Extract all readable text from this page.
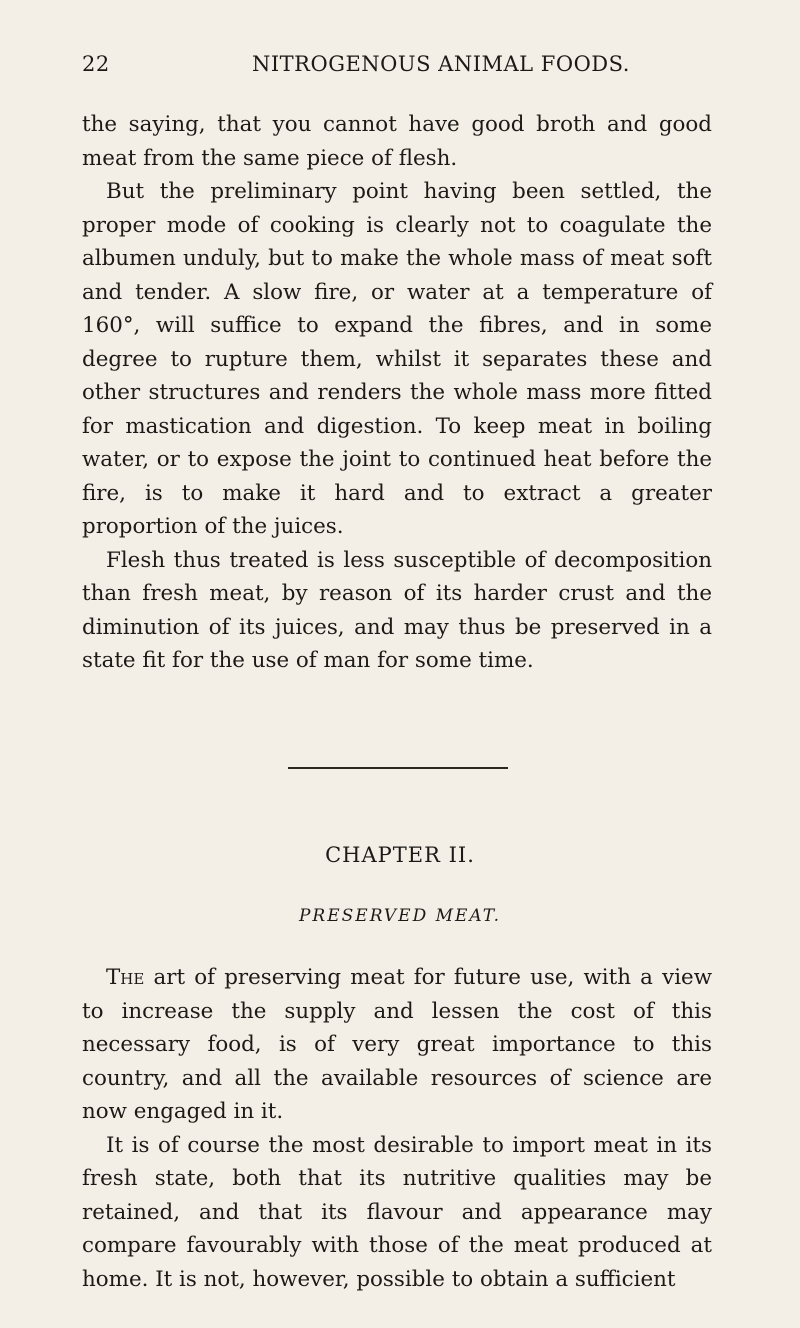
22	NITROGENOUS ANIMAL FOODS.

the saying, that you cannot have good broth and good meat from the same piece of flesh.

But the preliminary point having been settled, the proper mode of cooking is clearly not to coagulate the albumen unduly, but to make the whole mass of meat soft and tender. A slow fire, or water at a temperature of 160°, will suffice to expand the fibres, and in some degree to rupture them, whilst it separates these and other structures and renders the whole mass more fitted for mastication and digestion. To keep meat in boiling water, or to expose the joint to continued heat before the fire, is to make it hard and to extract a greater proportion of the juices.

Flesh thus treated is less susceptible of decomposition than fresh meat, by reason of its harder crust and the diminution of its juices, and may thus be preserved in a state fit for the use of man for some time.

CHAPTER II.
PRESERVED MEAT.

The art of preserving meat for future use, with a view to increase the supply and lessen the cost of this necessary food, is of very great importance to this country, and all the available resources of science are now engaged in it.

It is of course the most desirable to import meat in its fresh state, both that its nutritive qualities may be retained, and that its flavour and appearance may compare favourably with those of the meat produced at home. It is not, however, possible to obtain a sufficient
